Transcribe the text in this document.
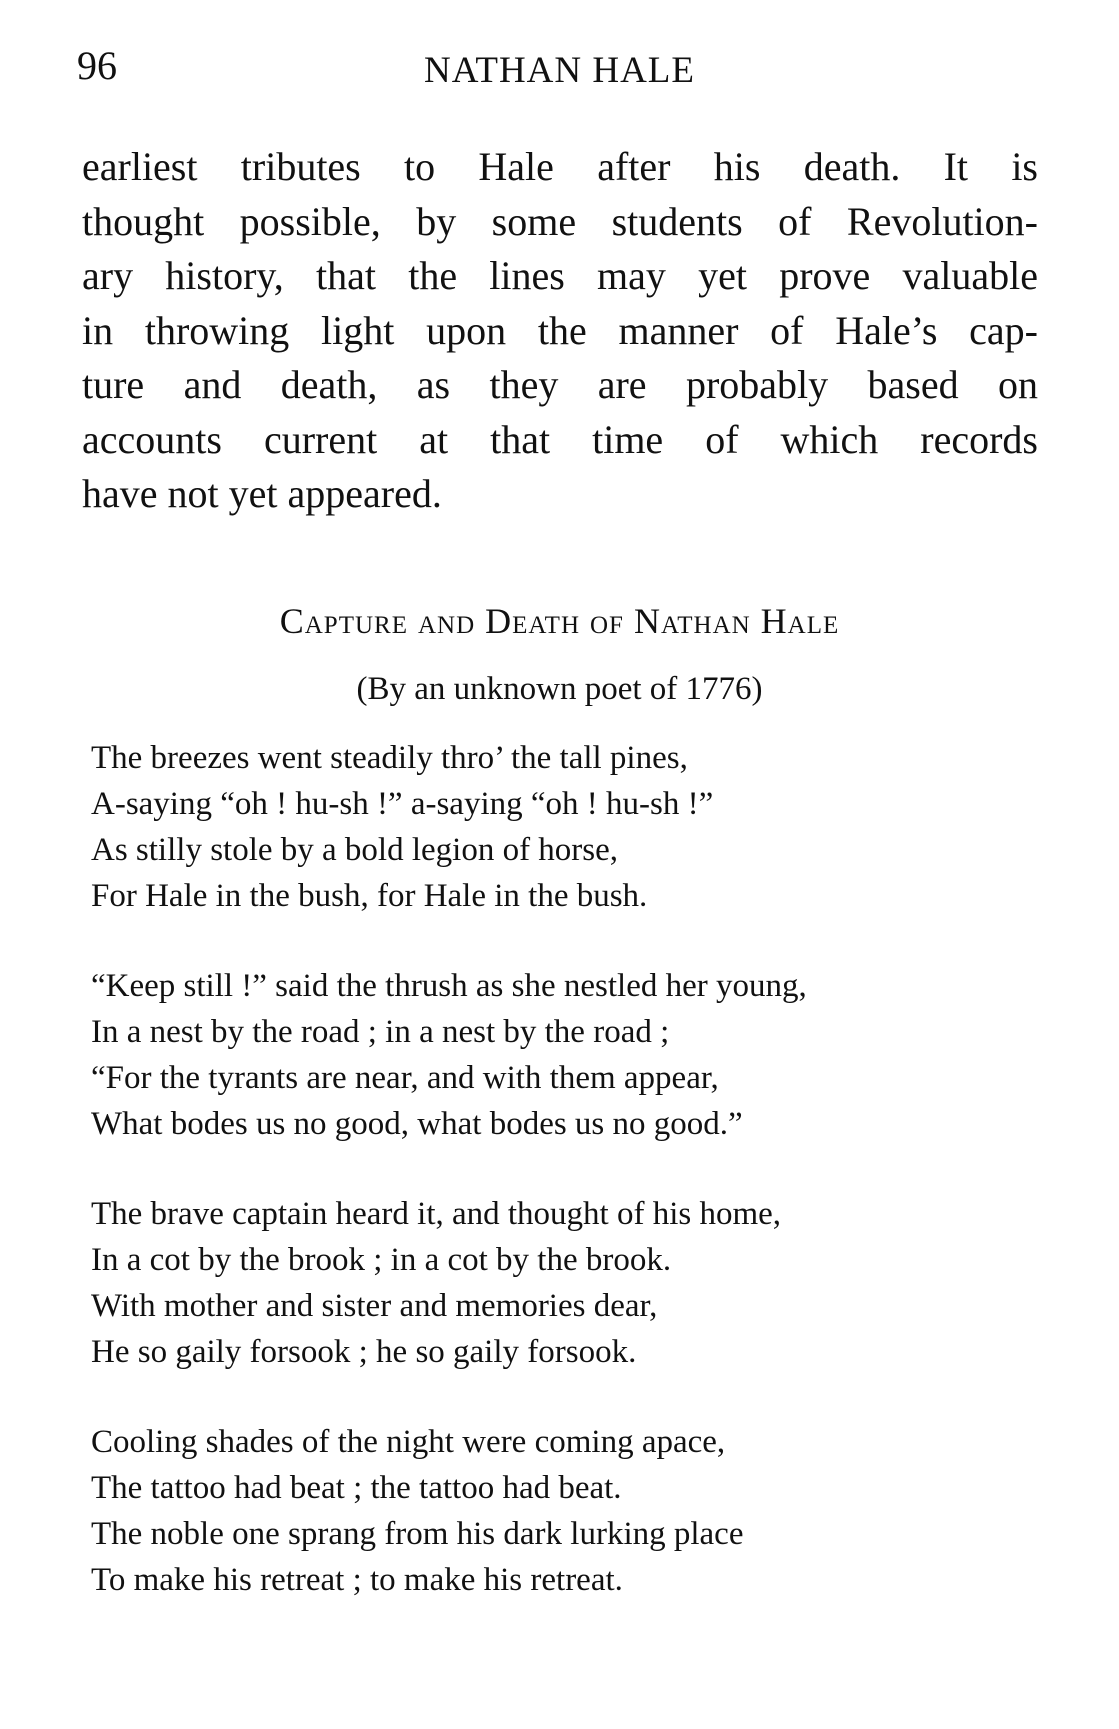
96	NATHAN HALE
earliest tributes to Hale after his death. It is
thought possible, by some students of Revolution-
ary history, that the lines may yet prove valuable
in throwing light upon the manner of Hale’s cap-
ture and death, as they are probably based on
accounts current at that time of which records
have not yet appeared.
Capture and Death of Nathan Hale
(By an unknown poet of 1776)
The breezes went steadily thro’ the tall pines,
A-saying “oh ! hu-sh !” a-saying “oh ! hu-sh !”
As stilly stole by a bold legion of horse,
For Hale in the bush, for Hale in the bush.
“Keep still !” said the thrush as she nestled her young,
In a nest by the road ; in a nest by the road ;
“For the tyrants are near, and with them appear,
What bodes us no good, what bodes us no good.”
The brave captain heard it, and thought of his home,
In a cot by the brook ; in a cot by the brook.
With mother and sister and memories dear,
He so gaily forsook ; he so gaily forsook.
Cooling shades of the night were coming apace,
The tattoo had beat ; the tattoo had beat.
The noble one sprang from his dark lurking place
To make his retreat ; to make his retreat.
